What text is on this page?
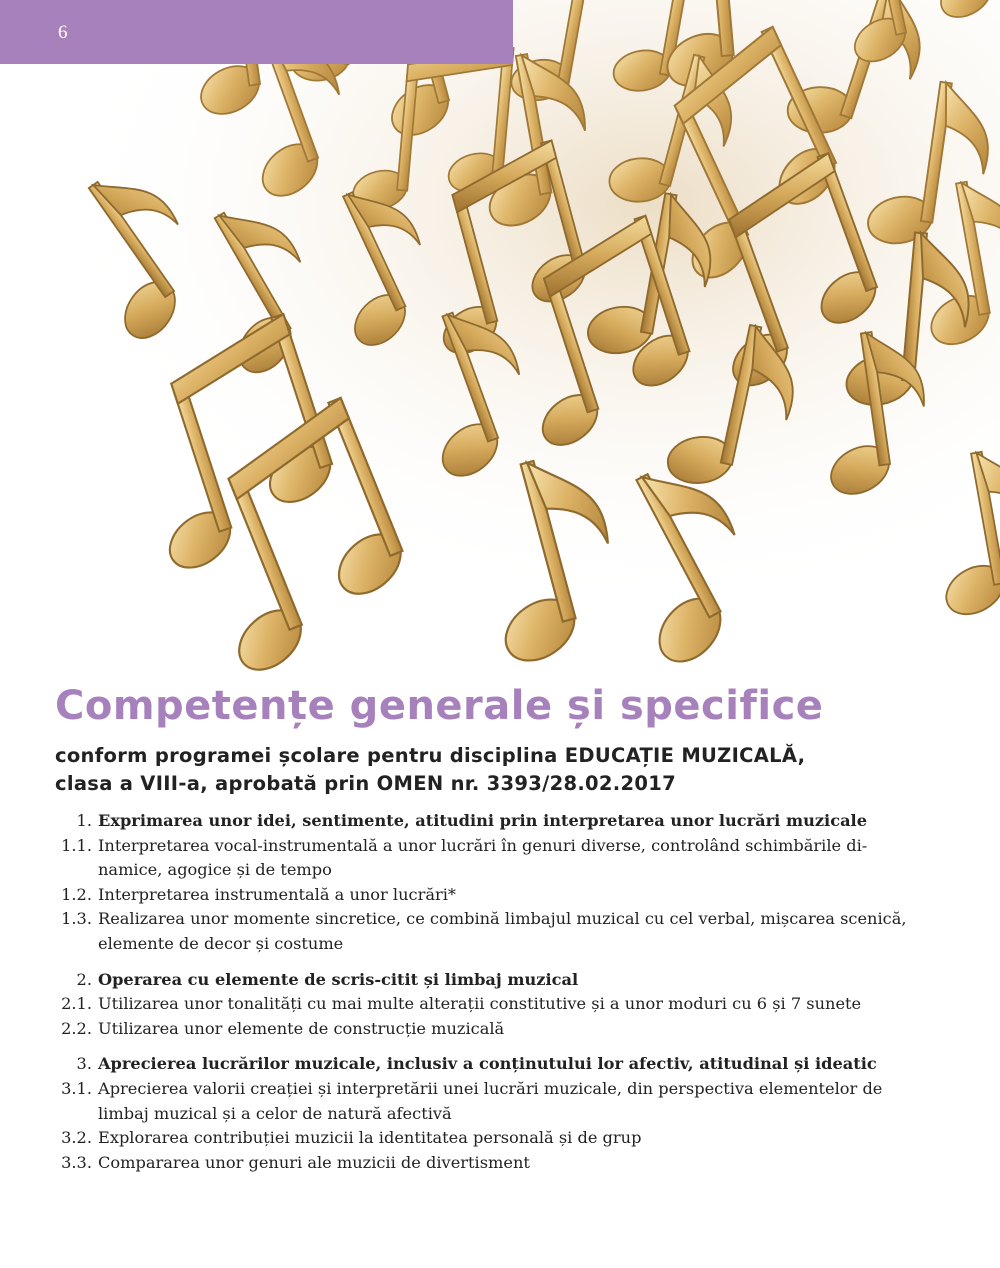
6
Competențe generale și specifice
conform programei școlare pentru disciplina EDUCAȚIE MUZICALĂ,
clasa a VIII-a, aprobată prin OMEN nr. 3393/28.02.2017
1. Exprimarea unor idei, sentimente, atitudini prin interpretarea unor lucrări muzicale
1.1. Interpretarea vocal-instrumentală a unor lucrări în genuri diverse, controlând schimbările di-
namice, agogice și de tempo
1.2. Interpretarea instrumentală a unor lucrări*
1.3. Realizarea unor momente sincretice, ce combină limbajul muzical cu cel verbal, mișcarea scenică,
elemente de decor și costume
2. Operarea cu elemente de scris-citit și limbaj muzical
2.1. Utilizarea unor tonalități cu mai multe alterații constitutive și a unor moduri cu 6 și 7 sunete
2.2. Utilizarea unor elemente de construcție muzicală
3. Aprecierea lucrărilor muzicale, inclusiv a conținutului lor afectiv, atitudinal și ideatic
3.1. Aprecierea valorii creației și interpretării unei lucrări muzicale, din perspectiva elementelor de
limbaj muzical și a celor de natură afectivă
3.2. Explorarea contribuției muzicii la identitatea personală și de grup
3.3. Compararea unor genuri ale muzicii de divertisment
